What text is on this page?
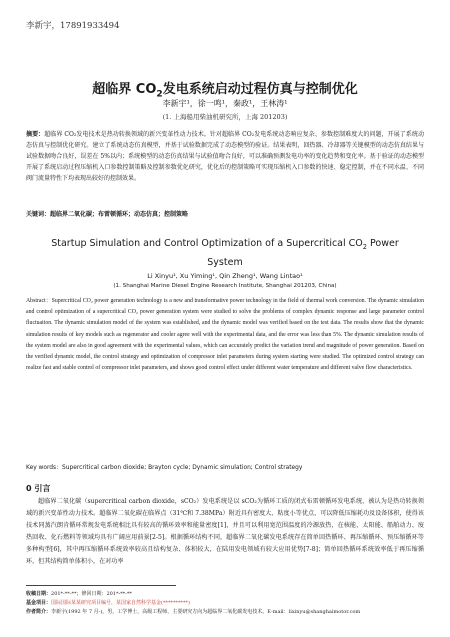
李新宇，17891933494
超临界 $CO_2$发电系统启动过程仿真与控制优化
李新宇¹，徐一鸣¹，秦政¹，王林涛¹
(1. 上海船用柴油机研究所，上海 201203)
摘要：超临界 CO₂发电技术是热功转换领域的新兴变革性动力技术。针对超临界 CO₂发电系统动态响应复杂、参数控制难度大的问题，开展了系统动态仿真与控制优化研究。建立了系统动态仿真模型，并基于试验数据完成了动态模型的验证。结果表明，回热器、冷却器等关键模型的动态仿真结果与试验数据吻合良好，误差在 5%以内；系统模型的动态仿真结果与试验值吻合良好，可以准确预测发电功率的变化趋势和变化率。基于验证的动态模型开展了系统启动过程压缩机入口参数控制策略及控制参数优化研究，优化后的控制策略可实现压缩机入口参数的快速、稳定控制，并在不同水温、不同阀门流量特性下均表现出较好的控制效果。
关键词：超临界二氧化碳；布雷顿循环；动态仿真；控制策略
Startup Simulation and Control Optimization of a Supercritical $CO_2$ Power System
Li Xinyu¹, Xu Yiming¹, Qin Zheng¹, Wang Lintao¹
(1. Shanghai Marine Diesel Engine Research Institute, Shanghai 201203, China)
Abstract：Supercritical CO₂ power generation technology is a new and transformative power technology in the field of thermal work conversion. The dynamic simulation and control optimization of a supercritical CO₂ power generation system were studied to solve the problems of complex dynamic response and large parameter control fluctuation. The dynamic simulation model of the system was established, and the dynamic model was verified based on the test data. The results show that the dynamic simulation results of key models such as regenerator and cooler agree well with the experimental data, and the error was less than 5%. The dynamic simulation results of the system model are also in good agreement with the experimental values, which can accurately predict the variation trend and magnitude of power generation. Based on the verified dynamic model, the control strategy and optimization of compressor inlet parameters during system starting were studied. The optimized control strategy can realize fast and stable control of compressor inlet parameters, and shows good control effect under different water temperature and different valve flow characteristics.
Key words：Supercritical carbon dioxide; Brayton cycle; Dynamic simulation; Control strategy
0 引言
超临界二氧化碳（supercritical carbon dioxide，sCO₂）发电系统是以 sCO₂为循环工质的闭式布雷顿循环发电系统，被认为是热功转换领域的新兴变革性动力技术。超临界二氧化碳在临界点（31℃和 7.38MPa）附近具有密度大、粘度小等优点，可以降低压缩耗功及设备体积，使得该技术同蒸汽朗肯循环常规发电系统相比具有较高的循环效率和能量密度[1]，并且可以利用宽范围温度的冷源放热，在核能、太阳能、船舶动力、废热回收、化石燃料等领域均具有广阔应用前景[2-5]。根据循环结构不同，超临界二氧化碳发电系统存在简单回热循环、再压缩循环、预压缩循环等多种构型[6]，其中再压缩循环系统效率较高且结构复杂、体积较大，在陆用发电领域有较大应用优势[7-8]；简单回热循环系统效率低于再压缩循环，但其结构简单体积小，在对功率
收稿日期：201*-**-**；修回日期：201*-**-**
基金项目：国际国际某某研究项目编号，某国家自然科学基金(**********)
作者简介：李新宇(1992 年 7 月-)，男，工学博士，高级工程师，主要研究方向为超临界二氧化碳发电技术。E-mail：lixinyu@shanghaimotor.com
